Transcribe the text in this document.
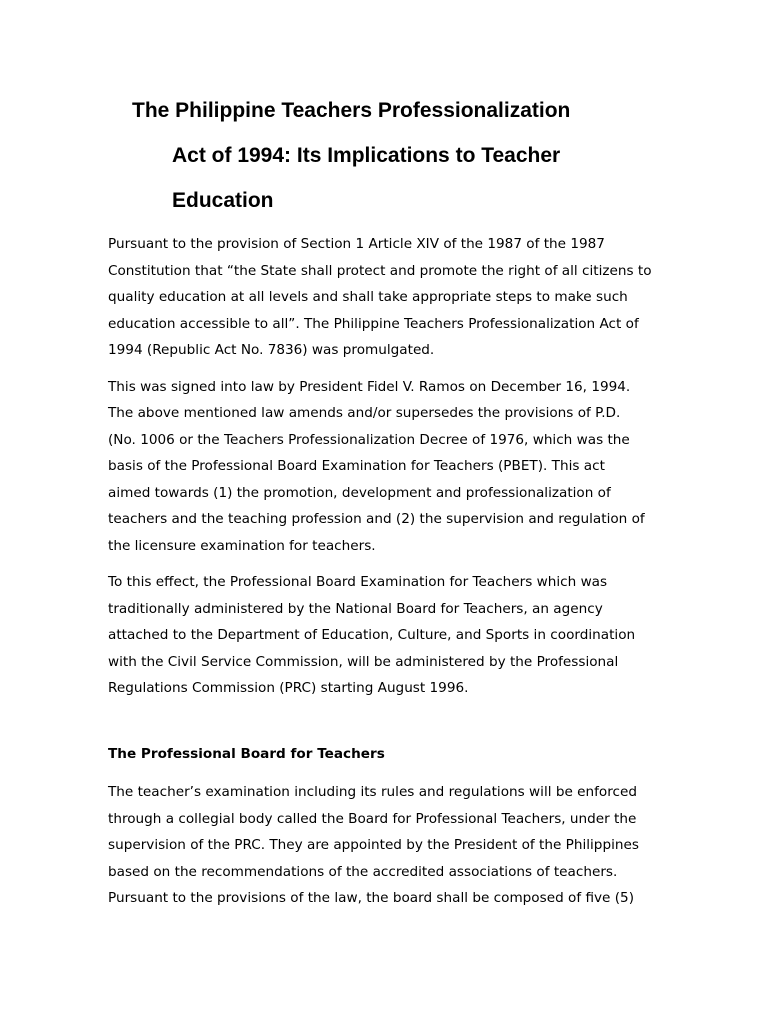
The Philippine Teachers Professionalization
Act of 1994: Its Implications to Teacher
Education

Pursuant to the provision of Section 1 Article XIV of the 1987 of the 1987
Constitution that “the State shall protect and promote the right of all citizens to
quality education at all levels and shall take appropriate steps to make such
education accessible to all”. The Philippine Teachers Professionalization Act of
1994 (Republic Act No. 7836) was promulgated.

This was signed into law by President Fidel V. Ramos on December 16, 1994.
The above mentioned law amends and/or supersedes the provisions of P.D.
(No. 1006 or the Teachers Professionalization Decree of 1976, which was the
basis of the Professional Board Examination for Teachers (PBET). This act
aimed towards (1) the promotion, development and professionalization of
teachers and the teaching profession and (2) the supervision and regulation of
the licensure examination for teachers.

To this effect, the Professional Board Examination for Teachers which was
traditionally administered by the National Board for Teachers, an agency
attached to the Department of Education, Culture, and Sports in coordination
with the Civil Service Commission, will be administered by the Professional
Regulations Commission (PRC) starting August 1996.

The Professional Board for Teachers

The teacher’s examination including its rules and regulations will be enforced
through a collegial body called the Board for Professional Teachers, under the
supervision of the PRC. They are appointed by the President of the Philippines
based on the recommendations of the accredited associations of teachers.
Pursuant to the provisions of the law, the board shall be composed of five (5)
